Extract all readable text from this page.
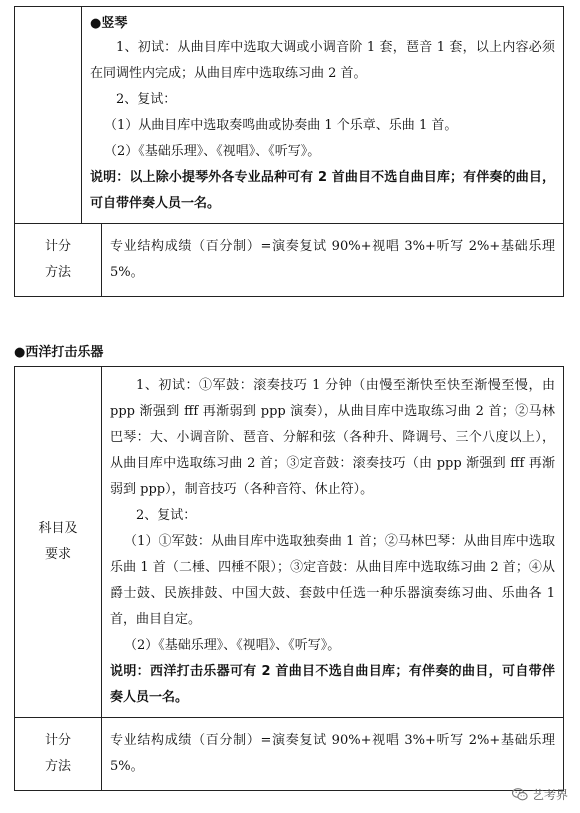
●竖琴

1、初试：从曲目库中选取大调或小调音阶 1 套，琶音 1 套，以上内容必须在同调性内完成；从曲目库中选取练习曲 2 首。

2、复试：

（1）从曲目库中选取奏鸣曲或协奏曲 1 个乐章、乐曲 1 首。

（2）《基础乐理》、《视唱》、《听写》。

说明：以上除小提琴外各专业品种可有 2 首曲目不选自曲目库；有伴奏的曲目，可自带伴奏人员一名。

计分方法

专业结构成绩（百分制）=演奏复试 90%+视唱 3%+听写 2%+基础乐理 5%。

●西洋打击乐器

科目及要求

1、初试：①军鼓：滚奏技巧 1 分钟（由慢至渐快至快至渐慢至慢，由 ppp 渐强到 fff 再渐弱到 ppp 演奏），从曲目库中选取练习曲 2 首；②马林巴琴：大、小调音阶、琶音、分解和弦（各种升、降调号、三个八度以上），从曲目库中选取练习曲 2 首；③定音鼓：滚奏技巧（由 ppp 渐强到 fff 再渐弱到 ppp），制音技巧（各种音符、休止符）。

2、复试：

（1）①军鼓：从曲目库中选取独奏曲 1 首；②马林巴琴：从曲目库中选取乐曲 1 首（二棰、四棰不限）；③定音鼓：从曲目库中选取练习曲 2 首；④从爵士鼓、民族排鼓、中国大鼓、套鼓中任选一种乐器演奏练习曲、乐曲各 1 首，曲目自定。

（2）《基础乐理》、《视唱》、《听写》。

说明：西洋打击乐器可有 2 首曲目不选自曲目库；有伴奏的曲目，可自带伴奏人员一名。

计分方法

专业结构成绩（百分制）=演奏复试 90%+视唱 3%+听写 2%+基础乐理 5%。

艺考界
